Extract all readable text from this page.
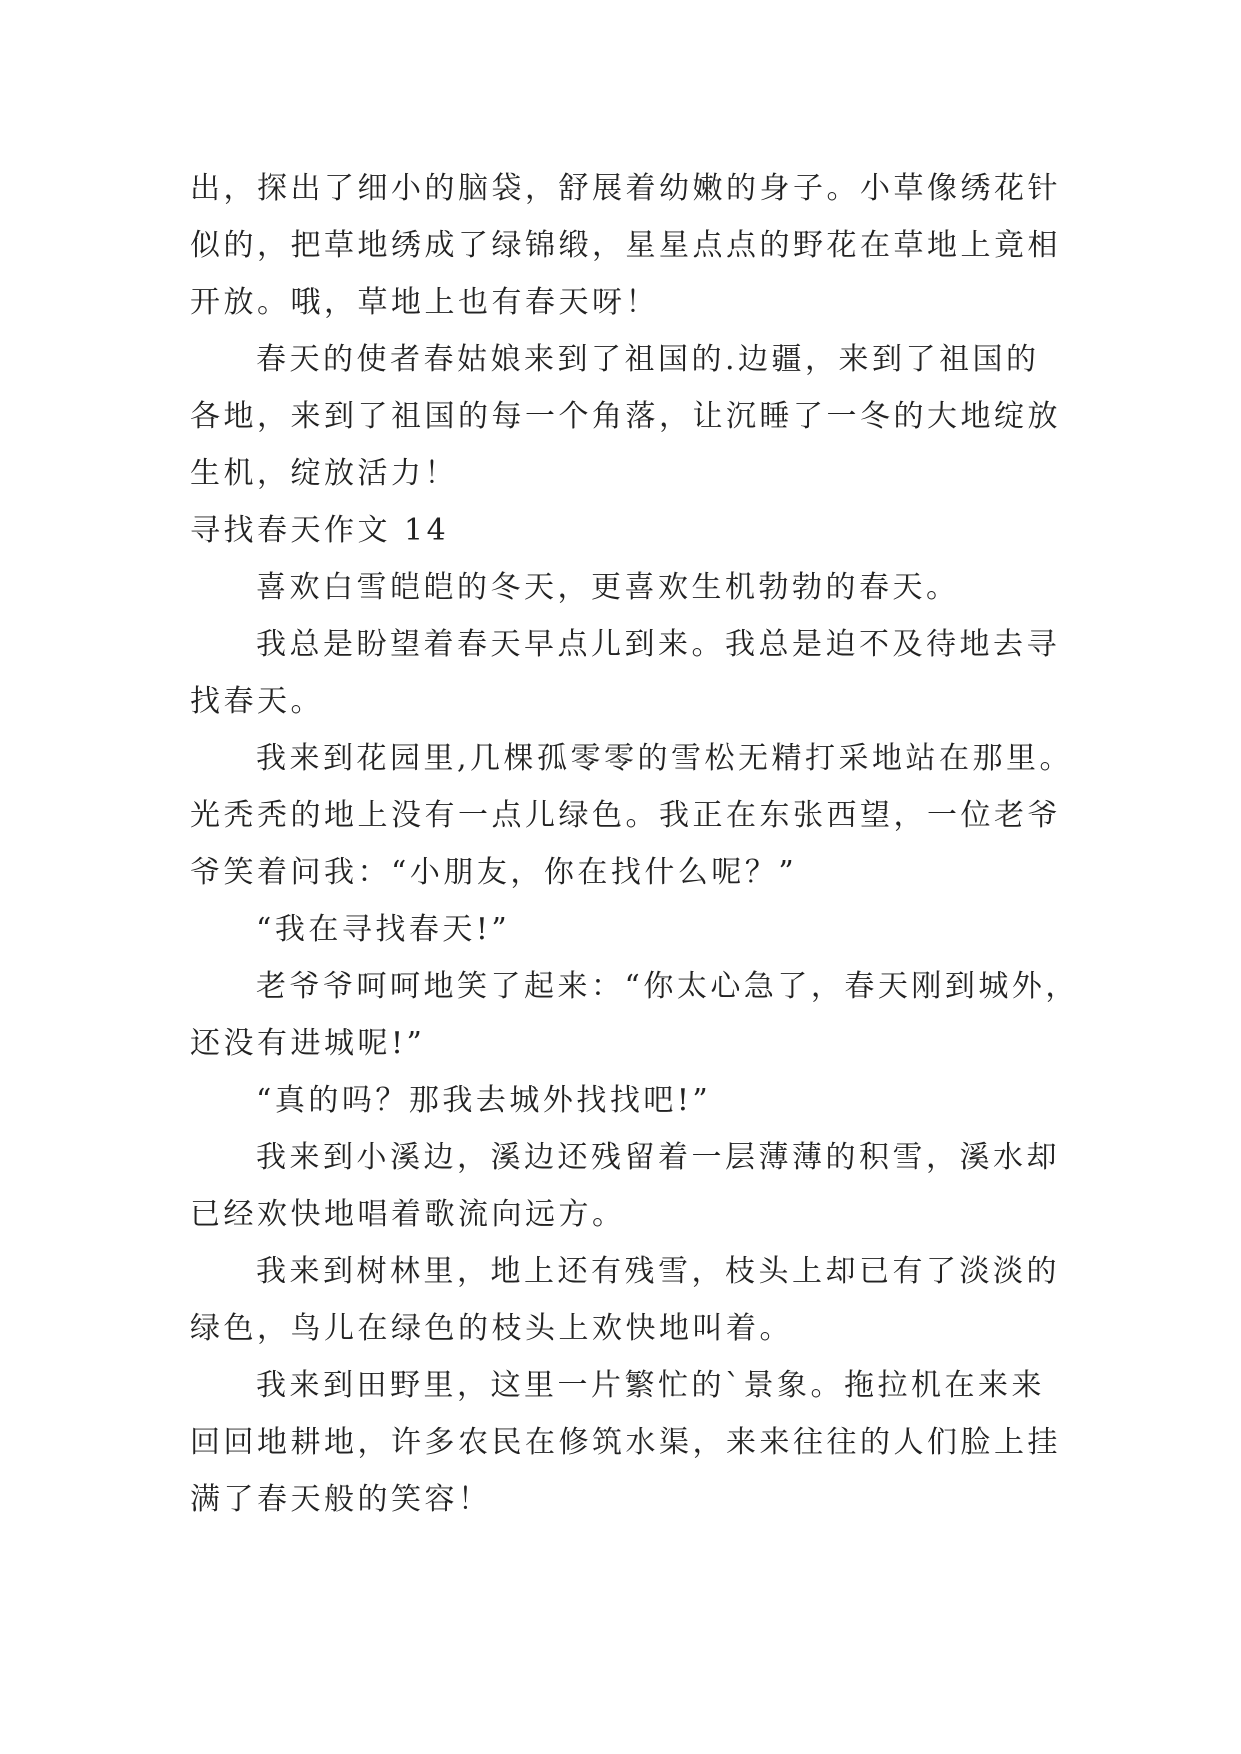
出，探出了细小的脑袋，舒展着幼嫩的身子。小草像绣花针
似的，把草地绣成了绿锦缎，星星点点的野花在草地上竟相
开放。哦，草地上也有春天呀！
春天的使者春姑娘来到了祖国的.边疆，来到了祖国的
各地，来到了祖国的每一个角落，让沉睡了一冬的大地绽放
生机，绽放活力！
寻找春天作文 14
喜欢白雪皑皑的冬天，更喜欢生机勃勃的春天。
我总是盼望着春天早点儿到来。我总是迫不及待地去寻
找春天。
我来到花园里,几棵孤零零的雪松无精打采地站在那里。
光秃秃的地上没有一点儿绿色。我正在东张西望，一位老爷
爷笑着问我：“小朋友，你在找什么呢？”
“我在寻找春天!”
老爷爷呵呵地笑了起来：“你太心急了，春天刚到城外，
还没有进城呢!”
“真的吗？那我去城外找找吧!”
我来到小溪边，溪边还残留着一层薄薄的积雪，溪水却
已经欢快地唱着歌流向远方。
我来到树林里，地上还有残雪，枝头上却已有了淡淡的
绿色，鸟儿在绿色的枝头上欢快地叫着。
我来到田野里，这里一片繁忙的`景象。拖拉机在来来
回回地耕地，许多农民在修筑水渠，来来往往的人们脸上挂
满了春天般的笑容！
